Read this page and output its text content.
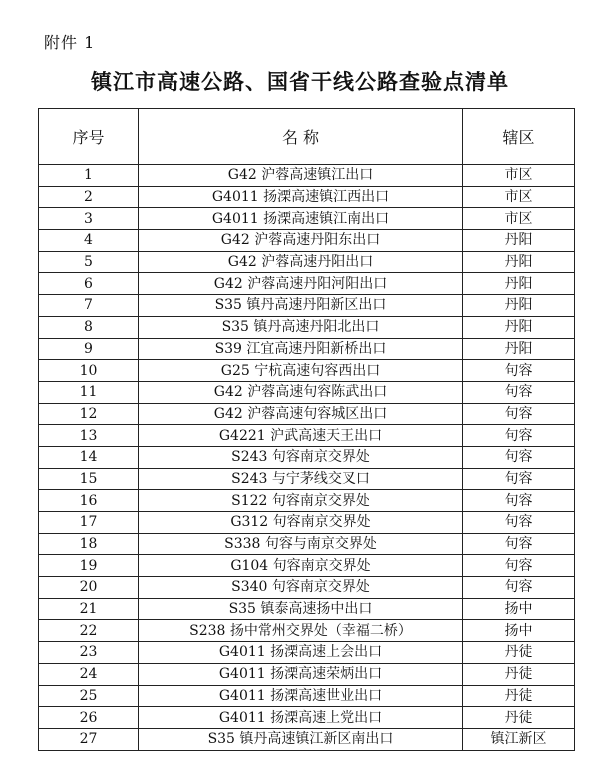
附件 1
镇江市高速公路、国省干线公路查验点清单
序号	名 称	辖区
1	G42 沪蓉高速镇江出口	市区
2	G4011 扬溧高速镇江西出口	市区
3	G4011 扬溧高速镇江南出口	市区
4	G42 沪蓉高速丹阳东出口	丹阳
5	G42 沪蓉高速丹阳出口	丹阳
6	G42 沪蓉高速丹阳河阳出口	丹阳
7	S35 镇丹高速丹阳新区出口	丹阳
8	S35 镇丹高速丹阳北出口	丹阳
9	S39 江宜高速丹阳新桥出口	丹阳
10	G25 宁杭高速句容西出口	句容
11	G42 沪蓉高速句容陈武出口	句容
12	G42 沪蓉高速句容城区出口	句容
13	G4221 沪武高速天王出口	句容
14	S243 句容南京交界处	句容
15	S243 与宁茅线交叉口	句容
16	S122 句容南京交界处	句容
17	G312 句容南京交界处	句容
18	S338 句容与南京交界处	句容
19	G104 句容南京交界处	句容
20	S340 句容南京交界处	句容
21	S35 镇泰高速扬中出口	扬中
22	S238 扬中常州交界处（幸福二桥）	扬中
23	G4011 扬溧高速上会出口	丹徒
24	G4011 扬溧高速荣炳出口	丹徒
25	G4011 扬溧高速世业出口	丹徒
26	G4011 扬溧高速上党出口	丹徒
27	S35 镇丹高速镇江新区南出口	镇江新区
